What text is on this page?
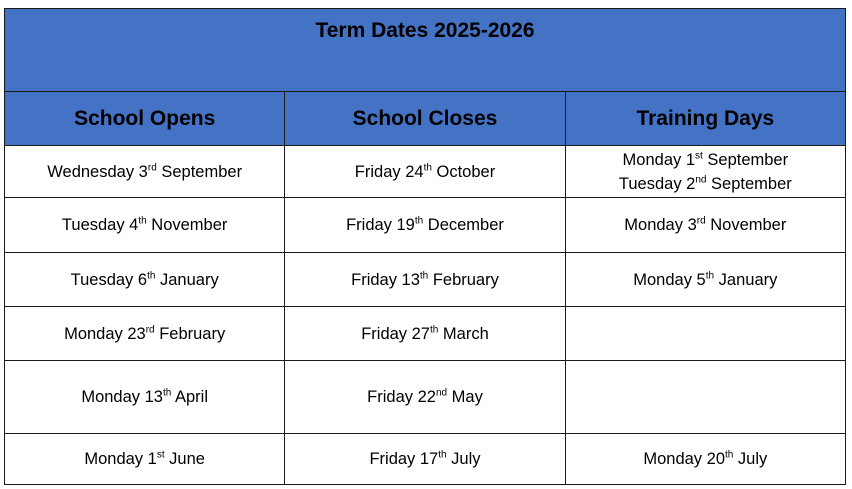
Term Dates 2025-2026		
School Opens	School Closes	Training Days

Wednesday 3rd September	Friday 24th October	Monday 1st September
Tuesday 2nd September

Tuesday 4th November	Friday 19th December	Monday 3rd November

Tuesday 6th January	Friday 13th February	Monday 5th January

Monday 23rd February	Friday 27th March	

Monday 13th April	Friday 22nd May	

Monday 1st June	Friday 17th July	Monday 20th July
